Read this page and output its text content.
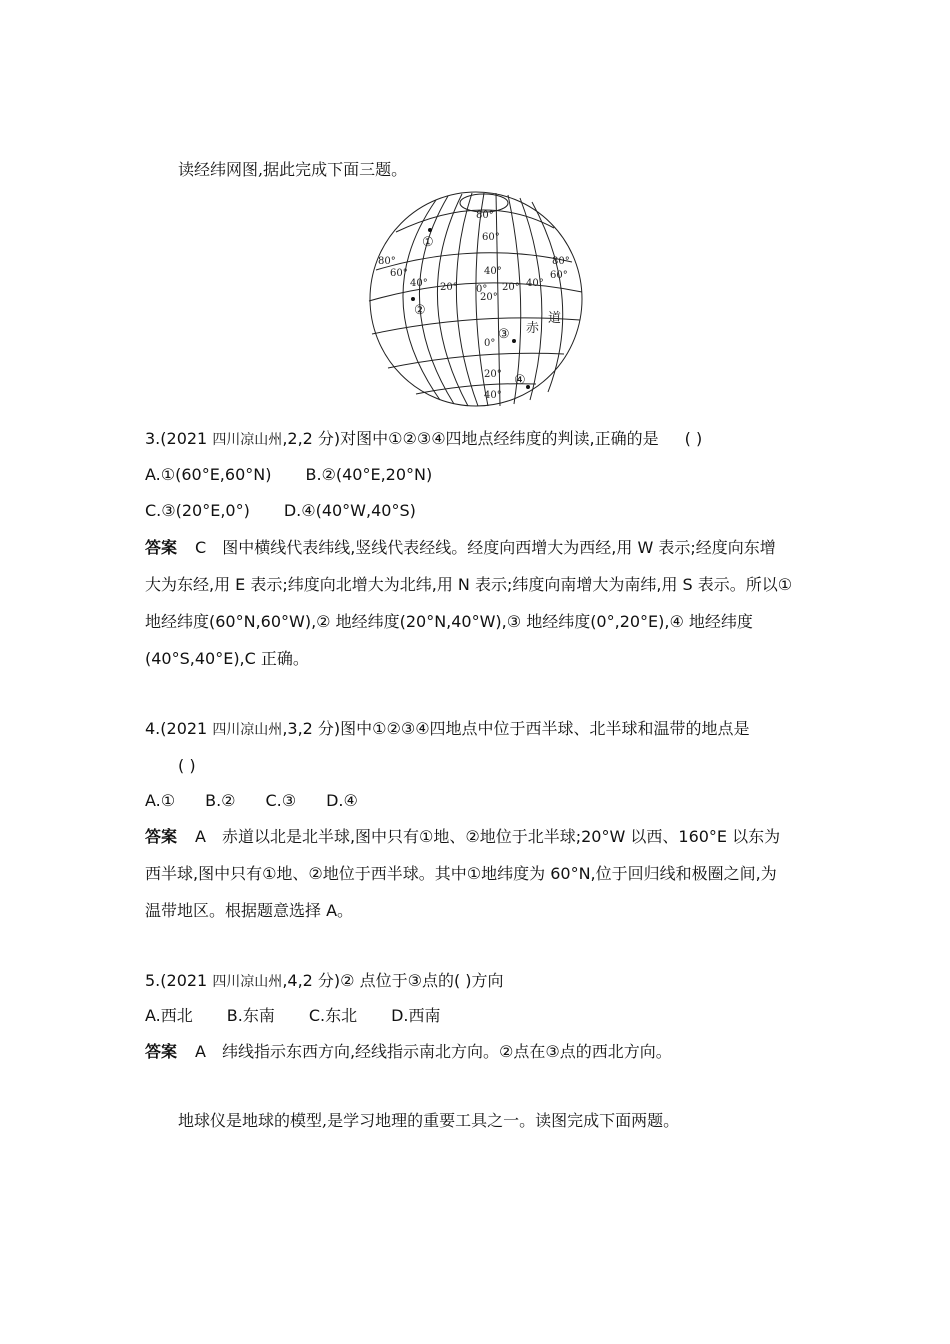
读经纬网图,据此完成下面三题。
80°
60°
①
80°
60°
40° 20° 0°
40°
20°
20° 40°
60°
80°
②
③ 赤
道
0°
20° ④
40°
3.(2021 四川凉山州,2,2 分)对图中①②③④四地点经纬度的判读,正确的是 ( )
A.①(60°E,60°N) B.②(40°E,20°N)
C.③(20°E,0°) D.④(40°W,40°S)
答案 C　图中横线代表纬线,竖线代表经线。经度向西增大为西经,用 W 表示;经度向东增
大为东经,用 E 表示;纬度向北增大为北纬,用 N 表示;纬度向南增大为南纬,用 S 表示。所以①
地经纬度(60°N,60°W),② 地经纬度(20°N,40°W),③ 地经纬度(0°,20°E),④ 地经纬度
(40°S,40°E),C 正确。
4.(2021 四川凉山州,3,2 分)图中①②③④四地点中位于西半球、北半球和温带的地点是
( )
A.① B.② C.③ D.④
答案 A　赤道以北是北半球,图中只有①地、②地位于北半球;20°W 以西、160°E 以东为
西半球,图中只有①地、②地位于西半球。其中①地纬度为 60°N,位于回归线和极圈之间,为
温带地区。根据题意选择 A。
5.(2021 四川凉山州,4,2 分)② 点位于③点的( )方向
A.西北 B.东南 C.东北 D.西南
答案 A　纬线指示东西方向,经线指示南北方向。②点在③点的西北方向。
地球仪是地球的模型,是学习地理的重要工具之一。读图完成下面两题。
